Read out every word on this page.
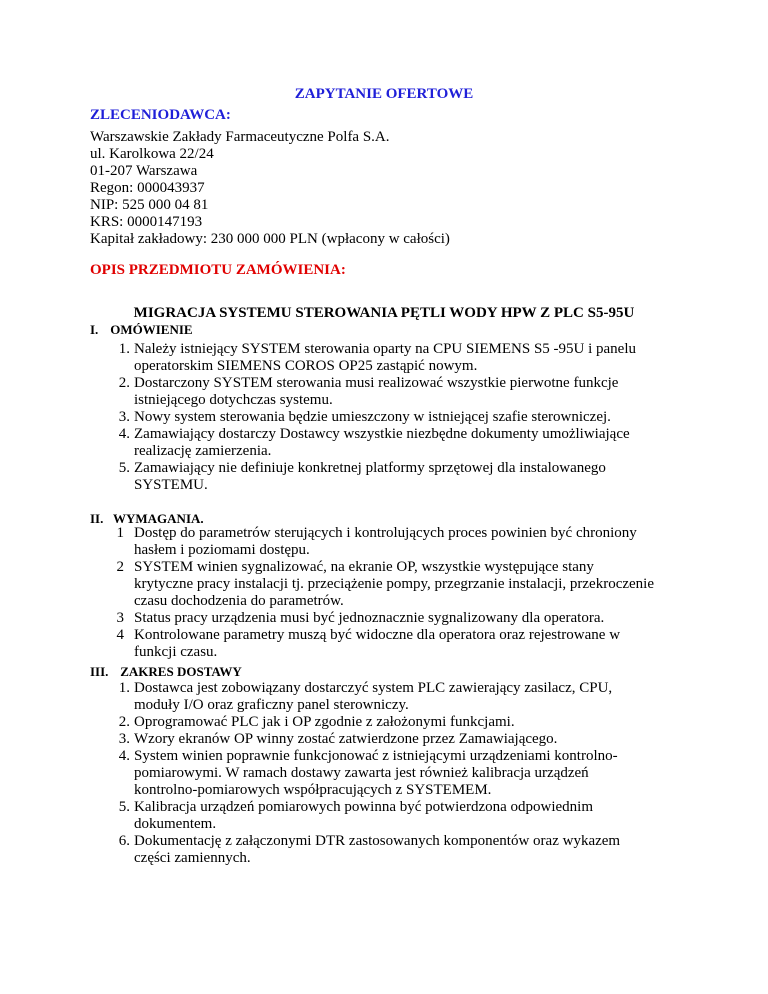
ZAPYTANIE OFERTOWE
ZLECENIODAWCA:
Warszawskie Zakłady Farmaceutyczne Polfa S.A.
ul. Karolkowa 22/24
01-207 Warszawa
Regon: 000043937
NIP: 525 000 04 81
KRS: 0000147193
Kapitał zakładowy: 230 000 000 PLN (wpłacony w całości)
OPIS PRZEDMIOTU ZAMÓWIENIA:
MIGRACJA SYSTEMU STEROWANIA PĘTLI WODY HPW Z PLC S5-95U
I. OMÓWIENIE
1. Należy istniejący SYSTEM sterowania oparty na CPU SIEMENS S5 -95U i panelu
operatorskim SIEMENS COROS OP25 zastąpić nowym.
2. Dostarczony SYSTEM sterowania musi realizować wszystkie pierwotne funkcje
istniejącego dotychczas systemu.
3. Nowy system sterowania będzie umieszczony w istniejącej szafie sterowniczej.
4. Zamawiający dostarczy Dostawcy wszystkie niezbędne dokumenty umożliwiające
realizację zamierzenia.
5. Zamawiający nie definiuje konkretnej platformy sprzętowej dla instalowanego
SYSTEMU.
II. WYMAGANIA.
1 Dostęp do parametrów sterujących i kontrolujących proces powinien być chroniony
hasłem i poziomami dostępu.
2 SYSTEM winien sygnalizować, na ekranie OP, wszystkie występujące stany
krytyczne pracy instalacji tj. przeciążenie pompy, przegrzanie instalacji, przekroczenie
czasu dochodzenia do parametrów.
3 Status pracy urządzenia musi być jednoznacznie sygnalizowany dla operatora.
4 Kontrolowane parametry muszą być widoczne dla operatora oraz rejestrowane w
funkcji czasu.
III. ZAKRES DOSTAWY
1. Dostawca jest zobowiązany dostarczyć system PLC zawierający zasilacz, CPU,
moduły I/O oraz graficzny panel sterowniczy.
2. Oprogramować PLC jak i OP zgodnie z założonymi funkcjami.
3. Wzory ekranów OP winny zostać zatwierdzone przez Zamawiającego.
4. System winien poprawnie funkcjonować z istniejącymi urządzeniami kontrolno-
pomiarowymi. W ramach dostawy zawarta jest również kalibracja urządzeń
kontrolno-pomiarowych współpracujących z SYSTEMEM.
5. Kalibracja urządzeń pomiarowych powinna być potwierdzona odpowiednim
dokumentem.
6. Dokumentację z załączonymi DTR zastosowanych komponentów oraz wykazem
części zamiennych.
